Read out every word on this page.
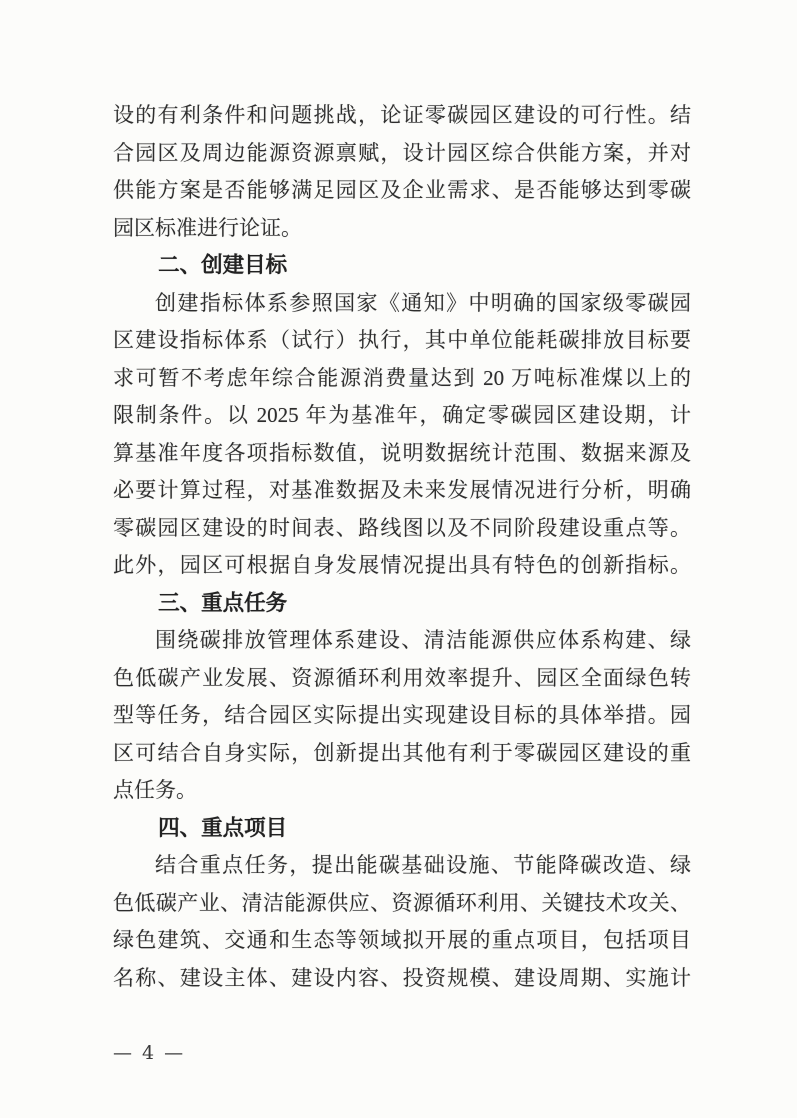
设的有利条件和问题挑战，论证零碳园区建设的可行性。结

合园区及周边能源资源禀赋，设计园区综合供能方案，并对

供能方案是否能够满足园区及企业需求、是否能够达到零碳

园区标准进行论证。

二、创建目标

创建指标体系参照国家《通知》中明确的国家级零碳园

区建设指标体系（试行）执行，其中单位能耗碳排放目标要

求可暂不考虑年综合能源消费量达到 20 万吨标准煤以上的

限制条件。以 2025 年为基准年，确定零碳园区建设期，计

算基准年度各项指标数值，说明数据统计范围、数据来源及

必要计算过程，对基准数据及未来发展情况进行分析，明确

零碳园区建设的时间表、路线图以及不同阶段建设重点等。

此外，园区可根据自身发展情况提出具有特色的创新指标。

三、重点任务

围绕碳排放管理体系建设、清洁能源供应体系构建、绿

色低碳产业发展、资源循环利用效率提升、园区全面绿色转

型等任务，结合园区实际提出实现建设目标的具体举措。园

区可结合自身实际，创新提出其他有利于零碳园区建设的重

点任务。

四、重点项目

结合重点任务，提出能碳基础设施、节能降碳改造、绿

色低碳产业、清洁能源供应、资源循环利用、关键技术攻关、

绿色建筑、交通和生态等领域拟开展的重点项目，包括项目

名称、建设主体、建设内容、投资规模、建设周期、实施计

— 4 —
